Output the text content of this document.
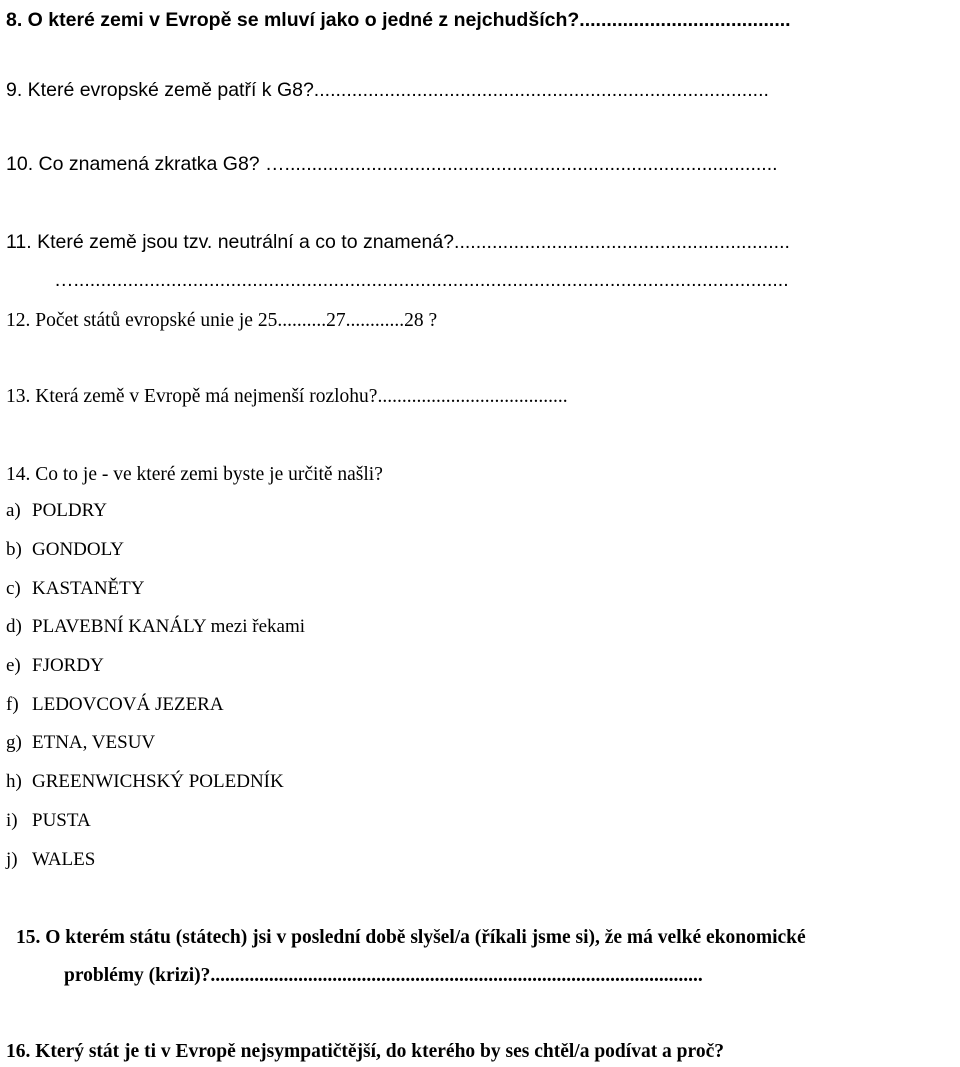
8. O které zemi v Evropě se mluví jako o jedné z nejchudších?.......................................
9. Které evropské země patří k G8?....................................................................................
10. Co znamená zkratka G8? …...........................................................................................
11. Které země jsou tzv. neutrální a co to znamená?..............................................................
…....................................................................................................................................
12. Počet států evropské unie je 25..........27............28 ?
13. Která země v Evropě má nejmenší rozlohu?.......................................
14. Co to je - ve které zemi byste je určitě našli?
a) POLDRY
b) GONDOLY
c) KASTANĚTY
d) PLAVEBNÍ KANÁLY mezi řekami
e) FJORDY
f) LEDOVCOVÁ JEZERA
g) ETNA, VESUV
h) GREENWICHSKÝ POLEDNÍK
i) PUSTA
j) WALES
15. O kterém státu (státech) jsi v poslední době slyšel/a (říkali jsme si), že má velké ekonomické
problémy (krizi)?.....................................................................................................
16. Který stát je ti v Evropě nejsympatičtější, do kterého by ses chtěl/a podívat a proč?
